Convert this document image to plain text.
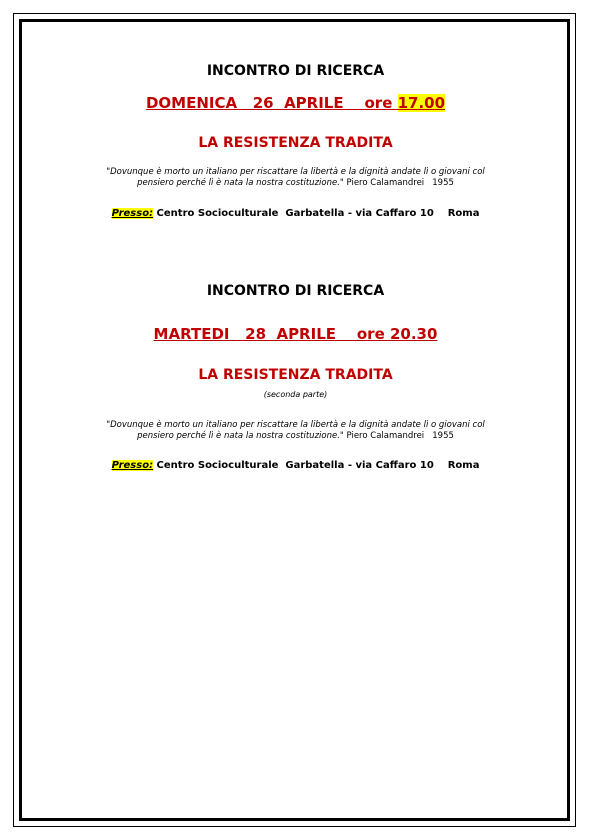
INCONTRO DI RICERCA
DOMENICA   26  APRILE    ore 17.00
LA RESISTENZA TRADITA
"Dovunque è morto un italiano per riscattare la libertà e la dignità andate lì o giovani col
pensiero perché lì è nata la nostra costituzione." Piero Calamandrei   1955
Presso: Centro Socioculturale  Garbatella - via Caffaro 10    Roma
INCONTRO DI RICERCA
MARTEDI   28  APRILE    ore 20.30
LA RESISTENZA TRADITA
(seconda parte)
"Dovunque è morto un italiano per riscattare la libertà e la dignità andate lì o giovani col
pensiero perché lì è nata la nostra costituzione." Piero Calamandrei   1955
Presso: Centro Socioculturale  Garbatella - via Caffaro 10    Roma
